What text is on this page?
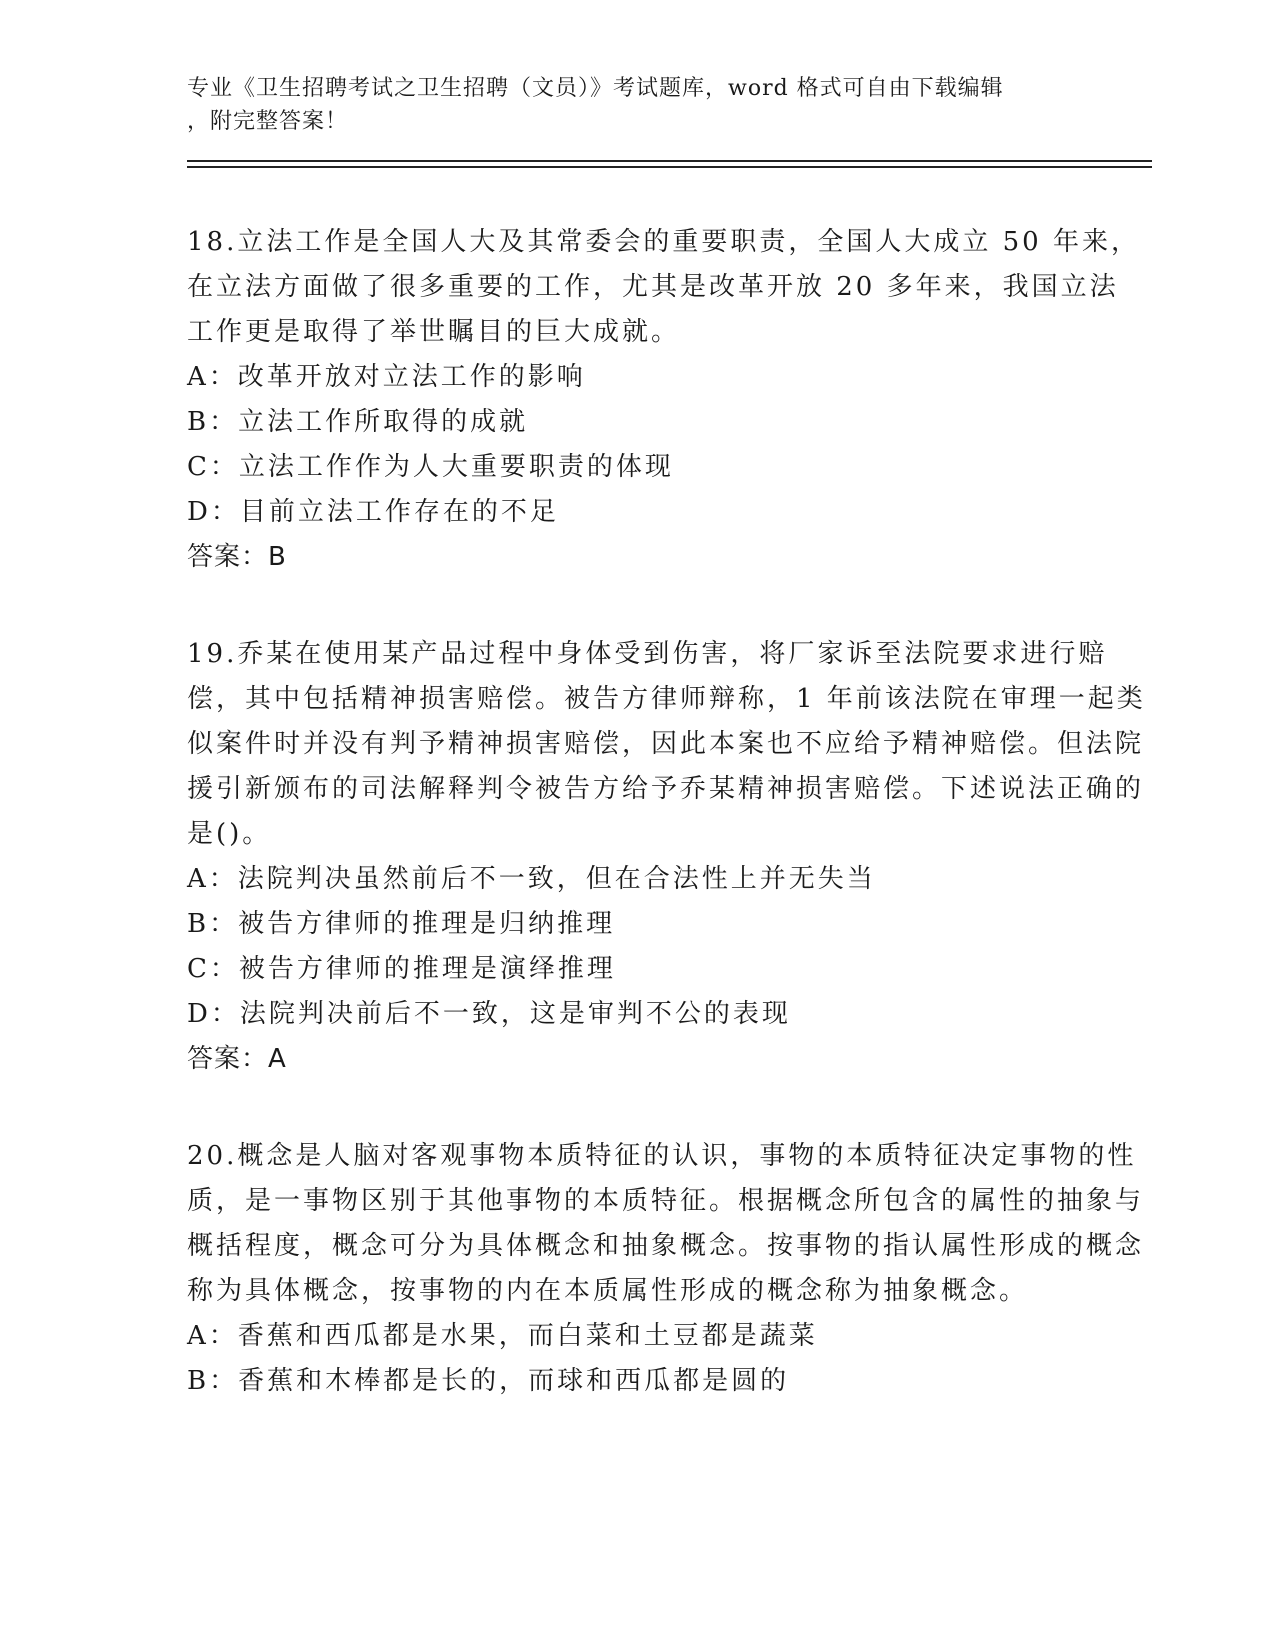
专业《卫生招聘考试之卫生招聘（文员）》考试题库，word 格式可自由下载编辑
，附完整答案！

18.立法工作是全国人大及其常委会的重要职责，全国人大成立 50 年来，在立法方面做了很多重要的工作，尤其是改革开放 20 多年来，我国立法工作更是取得了举世瞩目的巨大成就。

A：改革开放对立法工作的影响

B：立法工作所取得的成就

C：立法工作作为人大重要职责的体现

D：目前立法工作存在的不足

答案：B

19.乔某在使用某产品过程中身体受到伤害，将厂家诉至法院要求进行赔偿，其中包括精神损害赔偿。被告方律师辩称，1 年前该法院在审理一起类似案件时并没有判予精神损害赔偿，因此本案也不应给予精神赔偿。但法院援引新颁布的司法解释判令被告方给予乔某精神损害赔偿。下述说法正确的是()。

A：法院判决虽然前后不一致，但在合法性上并无失当

B：被告方律师的推理是归纳推理

C：被告方律师的推理是演绎推理

D：法院判决前后不一致，这是审判不公的表现

答案：A

20.概念是人脑对客观事物本质特征的认识，事物的本质特征决定事物的性质，是一事物区别于其他事物的本质特征。根据概念所包含的属性的抽象与概括程度，概念可分为具体概念和抽象概念。按事物的指认属性形成的概念称为具体概念，按事物的内在本质属性形成的概念称为抽象概念。

A：香蕉和西瓜都是水果，而白菜和土豆都是蔬菜

B：香蕉和木棒都是长的，而球和西瓜都是圆的
